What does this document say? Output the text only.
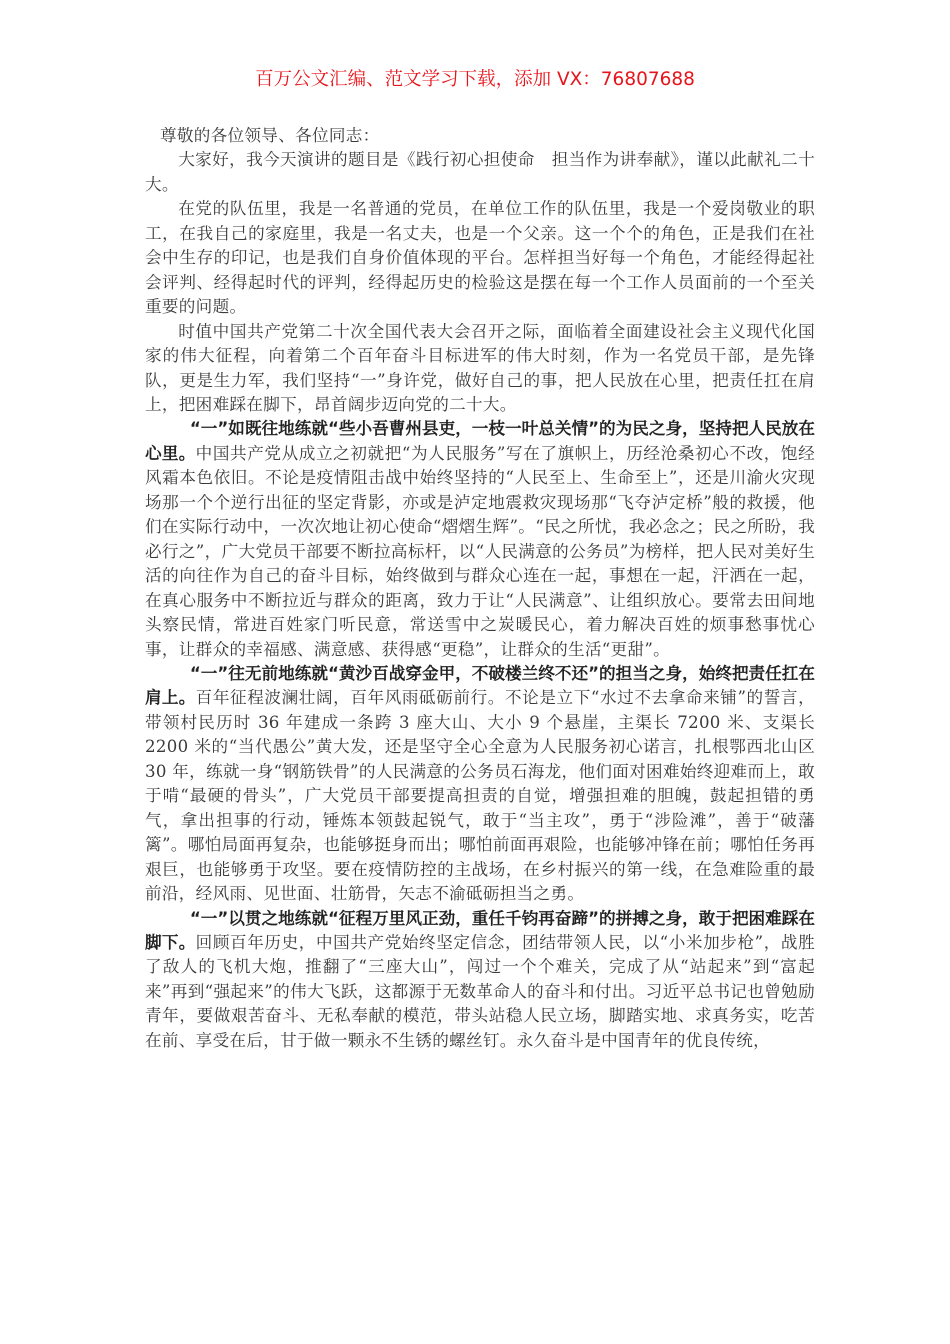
百万公文汇编、范文学习下载，添加 VX：76807688

尊敬的各位领导、各位同志：

大家好，我今天演讲的题目是《践行初心担使命　担当作为讲奉献》，谨以此献礼二十大。

在党的队伍里，我是一名普通的党员，在单位工作的队伍里，我是一个爱岗敬业的职工，在我自己的家庭里，我是一名丈夫，也是一个父亲。这一个个的角色，正是我们在社会中生存的印记，也是我们自身价值体现的平台。怎样担当好每一个角色，才能经得起社会评判、经得起时代的评判，经得起历史的检验这是摆在每一个工作人员面前的一个至关重要的问题。

时值中国共产党第二十次全国代表大会召开之际，面临着全面建设社会主义现代化国家的伟大征程，向着第二个百年奋斗目标进军的伟大时刻，作为一名党员干部，是先锋队，更是生力军，我们坚持“一”身许党，做好自己的事，把人民放在心里，把责任扛在肩上，把困难踩在脚下，昂首阔步迈向党的二十大。

“一”如既往地练就“些小吾曹州县吏，一枝一叶总关情”的为民之身，坚持把人民放在心里。中国共产党从成立之初就把“为人民服务”写在了旗帜上，历经沧桑初心不改，饱经风霜本色依旧。不论是疫情阻击战中始终坚持的“人民至上、生命至上”，还是川渝火灾现场那一个个逆行出征的坚定背影，亦或是泸定地震救灾现场那“飞夺泸定桥”般的救援，他们在实际行动中，一次次地让初心使命“熠熠生辉”。“民之所忧，我必念之；民之所盼，我必行之”，广大党员干部要不断拉高标杆，以“人民满意的公务员”为榜样，把人民对美好生活的向往作为自己的奋斗目标，始终做到与群众心连在一起，事想在一起，汗洒在一起，在真心服务中不断拉近与群众的距离，致力于让“人民满意”、让组织放心。要常去田间地头察民情，常进百姓家门听民意，常送雪中之炭暖民心，着力解决百姓的烦事愁事忧心事，让群众的幸福感、满意感、获得感“更稳”，让群众的生活“更甜”。

“一”往无前地练就“黄沙百战穿金甲，不破楼兰终不还”的担当之身，始终把责任扛在肩上。百年征程波澜壮阔，百年风雨砥砺前行。不论是立下“水过不去拿命来铺”的誓言，带领村民历时 36 年建成一条跨 3 座大山、大小 9 个悬崖，主渠长 7200 米、支渠长 2200 米的“当代愚公”黄大发，还是坚守全心全意为人民服务初心诺言，扎根鄂西北山区 30 年，练就一身“钢筋铁骨”的人民满意的公务员石海龙，他们面对困难始终迎难而上，敢于啃“最硬的骨头”，广大党员干部要提高担责的自觉，增强担难的胆魄，鼓起担错的勇气，拿出担事的行动，锤炼本领鼓起锐气，敢于“当主攻”，勇于“涉险滩”，善于“破藩篱”。哪怕局面再复杂，也能够挺身而出；哪怕前面再艰险，也能够冲锋在前；哪怕任务再艰巨，也能够勇于攻坚。要在疫情防控的主战场，在乡村振兴的第一线，在急难险重的最前沿，经风雨、见世面、壮筋骨，矢志不渝砥砺担当之勇。

“一”以贯之地练就“征程万里风正劲，重任千钧再奋蹄”的拼搏之身，敢于把困难踩在脚下。回顾百年历史，中国共产党始终坚定信念，团结带领人民，以“小米加步枪”，战胜了敌人的飞机大炮，推翻了“三座大山”，闯过一个个难关，完成了从“站起来”到“富起来”再到“强起来”的伟大飞跃，这都源于无数革命人的奋斗和付出。习近平总书记也曾勉励青年，要做艰苦奋斗、无私奉献的模范，带头站稳人民立场，脚踏实地、求真务实，吃苦在前、享受在后，甘于做一颗永不生锈的螺丝钉。永久奋斗是中国青年的优良传统，
